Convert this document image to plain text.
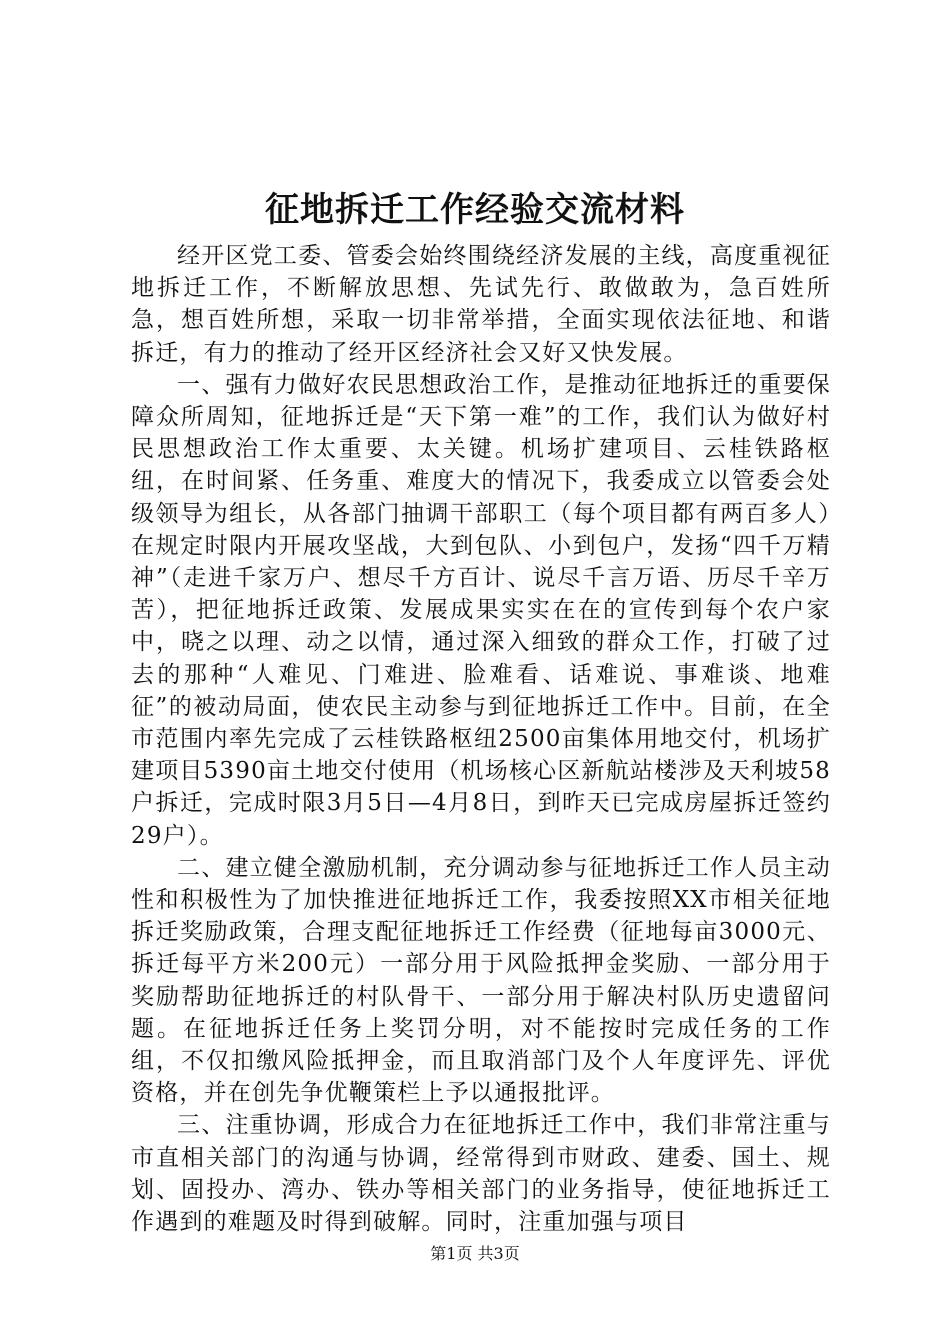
征地拆迁工作经验交流材料

经开区党工委、管委会始终围绕经济发展的主线，高度重视征地拆迁工作，不断解放思想、先试先行、敢做敢为，急百姓所急，想百姓所想，采取一切非常举措，全面实现依法征地、和谐拆迁，有力的推动了经开区经济社会又好又快发展。

一、强有力做好农民思想政治工作，是推动征地拆迁的重要保障众所周知，征地拆迁是“天下第一难”的工作，我们认为做好村民思想政治工作太重要、太关键。机场扩建项目、云桂铁路枢纽，在时间紧、任务重、难度大的情况下，我委成立以管委会处级领导为组长，从各部门抽调干部职工（每个项目都有两百多人）在规定时限内开展攻坚战，大到包队、小到包户，发扬“四千万精神”（走进千家万户、想尽千方百计、说尽千言万语、历尽千辛万苦），把征地拆迁政策、发展成果实实在在的宣传到每个农户家中，晓之以理、动之以情，通过深入细致的群众工作，打破了过去的那种“人难见、门难进、脸难看、话难说、事难谈、地难征”的被动局面，使农民主动参与到征地拆迁工作中。目前，在全市范围内率先完成了云桂铁路枢纽2500亩集体用地交付，机场扩建项目5390亩土地交付使用（机场核心区新航站楼涉及天利坡58户拆迁，完成时限3月5日—4月8日，到昨天已完成房屋拆迁签约29户）。

二、建立健全激励机制，充分调动参与征地拆迁工作人员主动性和积极性为了加快推进征地拆迁工作，我委按照XX市相关征地拆迁奖励政策，合理支配征地拆迁工作经费（征地每亩3000元、拆迁每平方米200元）一部分用于风险抵押金奖励、一部分用于奖励帮助征地拆迁的村队骨干、一部分用于解决村队历史遗留问题。在征地拆迁任务上奖罚分明，对不能按时完成任务的工作组，不仅扣缴风险抵押金，而且取消部门及个人年度评先、评优资格，并在创先争优鞭策栏上予以通报批评。

三、注重协调，形成合力在征地拆迁工作中，我们非常注重与市直相关部门的沟通与协调，经常得到市财政、建委、国土、规划、固投办、湾办、铁办等相关部门的业务指导，使征地拆迁工作遇到的难题及时得到破解。同时，注重加强与项目

第1页 共3页
